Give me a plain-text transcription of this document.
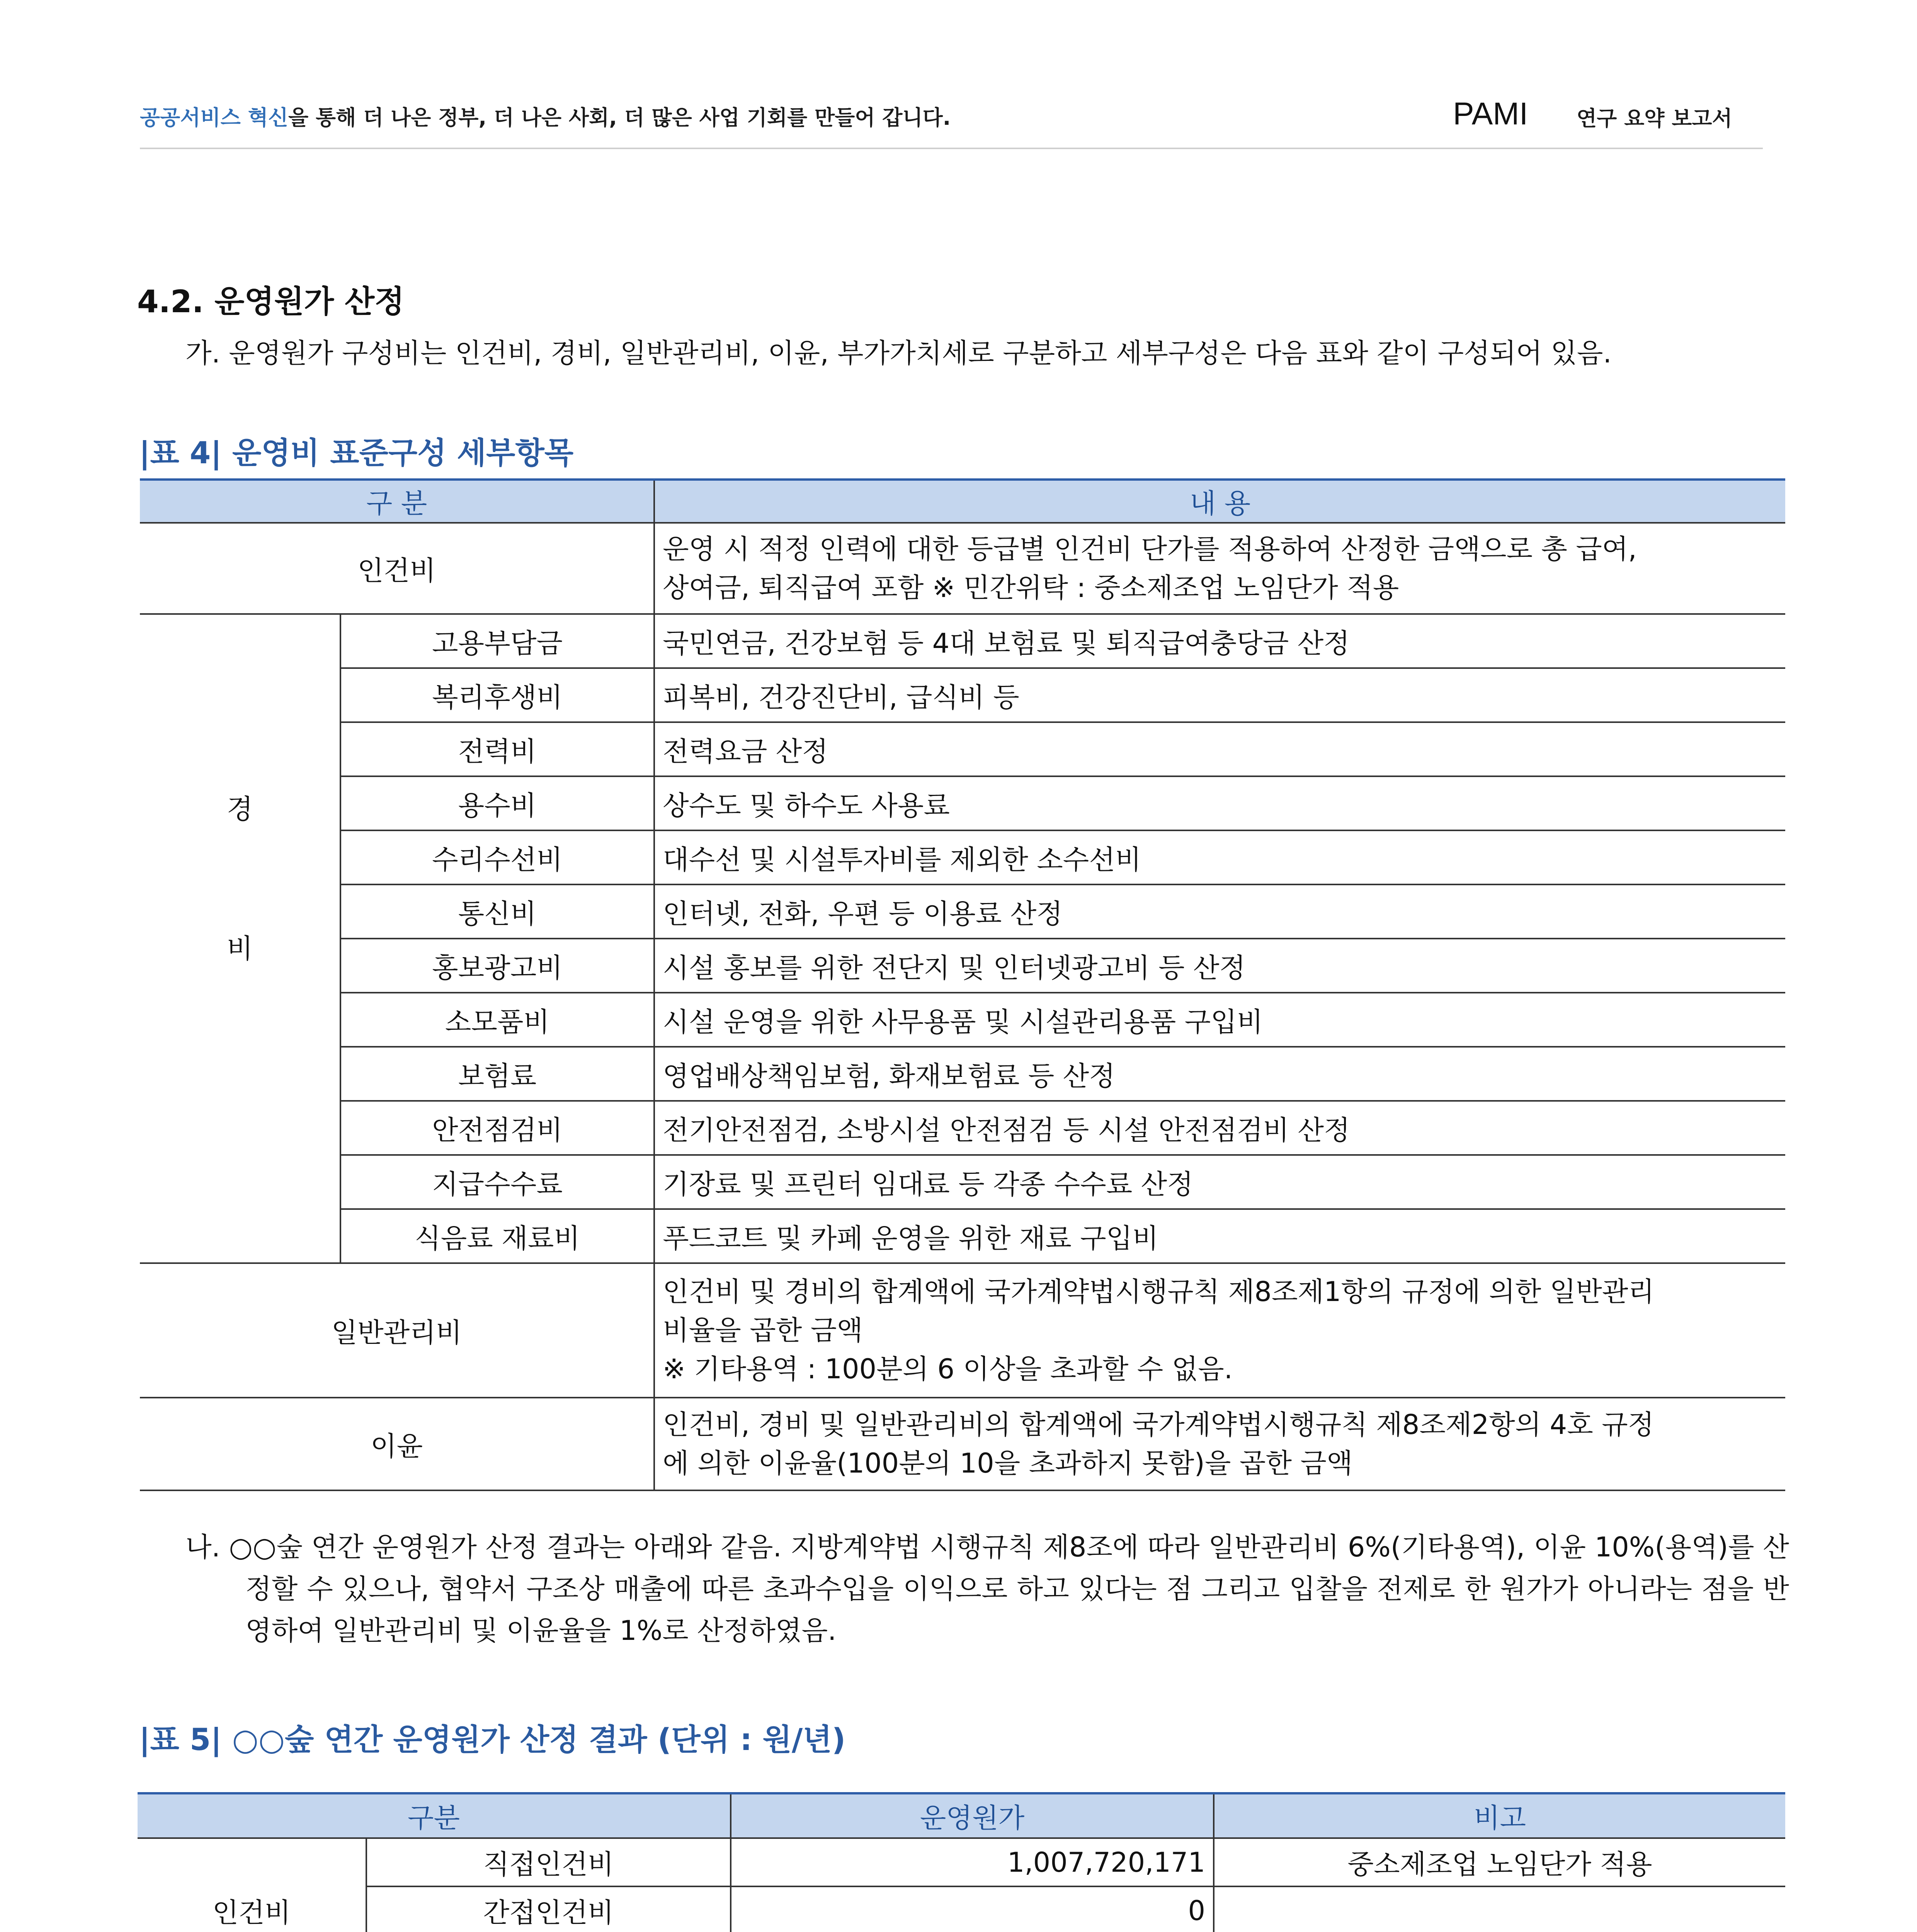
공공서비스 혁신을 통해 더 나은 정부, 더 나은 사회, 더 많은 사업 기회를 만들어 갑니다.	PAMI 연구 요약 보고서
4.2. 운영원가 산정
가. 운영원가 구성비는 인건비, 경비, 일반관리비, 이윤, 부가가치세로 구분하고 세부구성은 다음 표와 같이 구성되어 있음.
|표 4| 운영비 표준구성 세부항목
구 분		내 용
인건비		운영 시 적정 인력에 대한 등급별 인건비 단가를 적용하여 산정한 금액으로 총 급여,
상여금, 퇴직급여 포함 ※ 민간위탁 : 중소제조업 노임단가 적용

경
비	고용부담금	국민연금, 건강보험 등 4대 보험료 및 퇴직급여충당금 산정
	복리후생비	피복비, 건강진단비, 급식비 등
	전력비	전력요금 산정
	용수비	상수도 및 하수도 사용료
	수리수선비	대수선 및 시설투자비를 제외한 소수선비
	통신비	인터넷, 전화, 우편 등 이용료 산정
	홍보광고비	시설 홍보를 위한 전단지 및 인터넷광고비 등 산정
	소모품비	시설 운영을 위한 사무용품 및 시설관리용품 구입비
	보험료	영업배상책임보험, 화재보험료 등 산정
	안전점검비	전기안전점검, 소방시설 안전점검 등 시설 안전점검비 산정
	지급수수료	기장료 및 프린터 임대료 등 각종 수수료 산정
	식음료 재료비	푸드코트 및 카페 운영을 위한 재료 구입비
일반관리비		인건비 및 경비의 합계액에 국가계약법시행규칙 제8조제1항의 규정에 의한 일반관리
비율을 곱한 금액
※ 기타용역 : 100분의 6 이상을 초과할 수 없음.

이윤		인건비, 경비 및 일반관리비의 합계액에 국가계약법시행규칙 제8조제2항의 4호 규정
에 의한 이윤율(100분의 10을 초과하지 못함)을 곱한 금액
나. ○○숲 연간 운영원가 산정 결과는 아래와 같음. 지방계약법 시행규칙 제8조에 따라 일반관리비 6%(기타용역), 이윤 10%(용역)를 산정할 수 있으나, 협약서 구조상 매출에 따른 초과수입을 이익으로 하고 있다는 점 그리고 입찰을 전제로 한 원가가 아니라는 점을 반영하여 일반관리비 및 이윤율을 1%로 산정하였음.
|표 5| ○○숲 연간 운영원가 산정 결과 (단위 : 원/년)
구분		운영원가	비고
인건비	직접인건비	1,007,720,171	중소제조업 노임단가 적용
	간접인건비	0	
